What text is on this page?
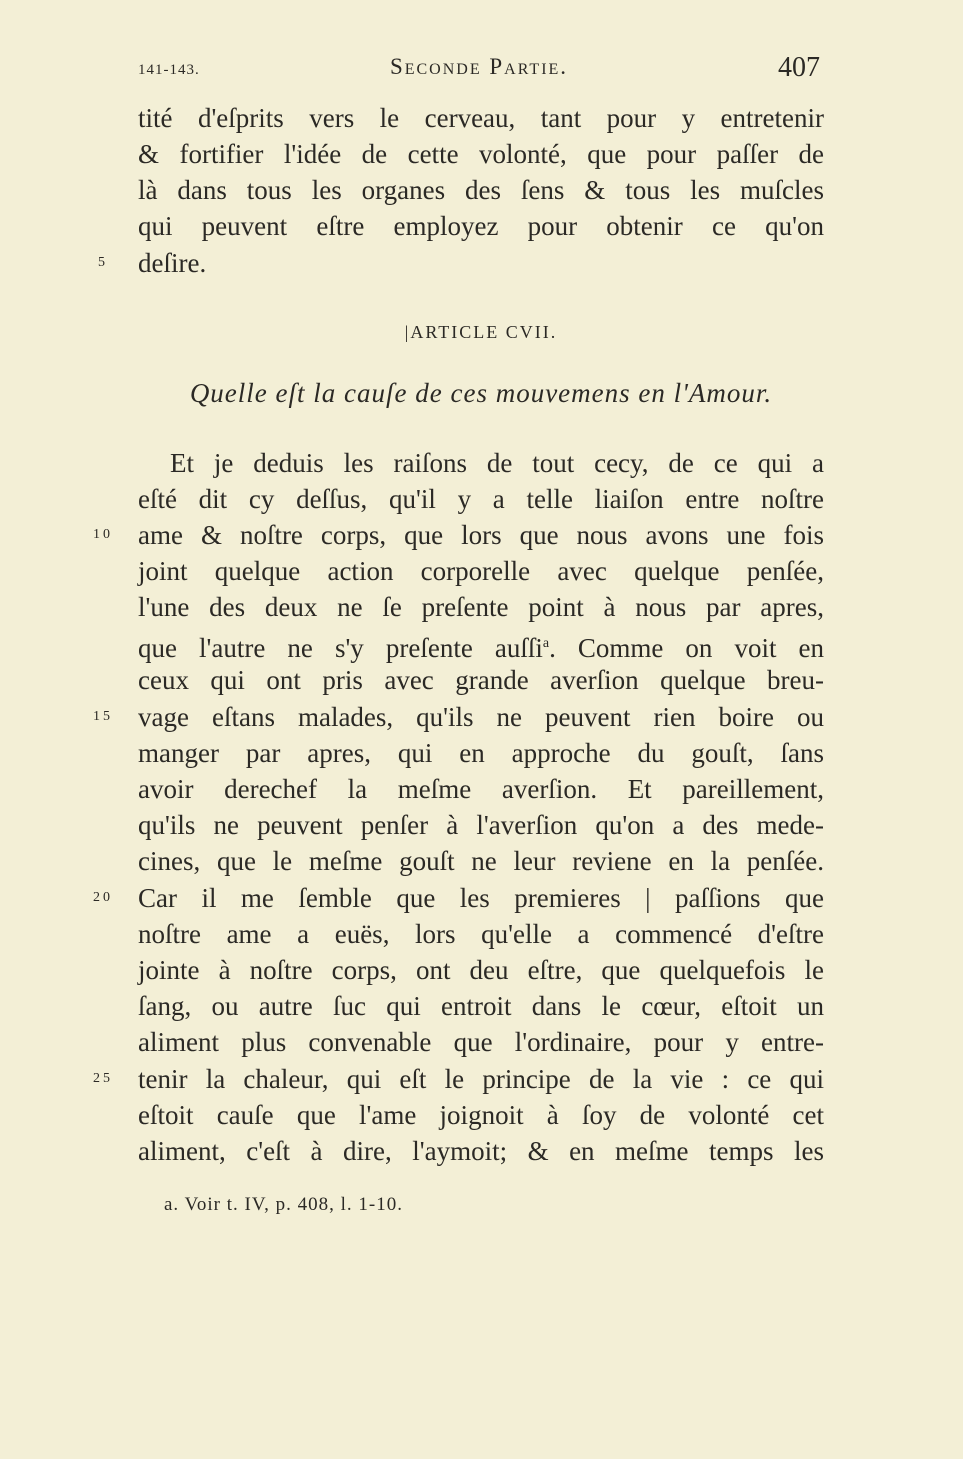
141-143.	Seconde Partie.	407
tité d'eſprits vers le cerveau, tant pour y entretenir
& fortifier l'idée de cette volonté, que pour paſſer de
là dans tous les organes des ſens & tous les muſcles
qui peuvent eſtre employez pour obtenir ce qu'on
5	deſire.
|ARTICLE CVII.
Quelle eſt la cauſe de ces mouvemens en l'Amour.
Et je deduis les raiſons de tout cecy, de ce qui a
eſté dit cy deſſus, qu'il y a telle liaiſon entre noſtre
10 ame & noſtre corps, que lors que nous avons une fois
joint quelque action corporelle avec quelque penſée,
l'une des deux ne ſe preſente point à nous par apres,
que l'autre ne s'y preſente auſſi$^a$. Comme on voit en
ceux qui ont pris avec grande averſion quelque breu-
15 vage eſtans malades, qu'ils ne peuvent rien boire ou
manger par apres, qui en approche du gouſt, ſans
avoir derechef la meſme averſion. Et pareillement,
qu'ils ne peuvent penſer à l'averſion qu'on a des mede-
cines, que le meſme gouſt ne leur reviene en la penſée.
20 Car il me ſemble que les premieres | paſſions que
noſtre ame a euës, lors qu'elle a commencé d'eſtre
jointe à noſtre corps, ont deu eſtre, que quelquefois le
ſang, ou autre ſuc qui entroit dans le cœur, eſtoit un
aliment plus convenable que l'ordinaire, pour y entre-
25 tenir la chaleur, qui eſt le principe de la vie : ce qui
eſtoit cauſe que l'ame joignoit à ſoy de volonté cet
aliment, c'eſt à dire, l'aymoit; & en meſme temps les
a. Voir t. IV, p. 408, l. 1-10.
